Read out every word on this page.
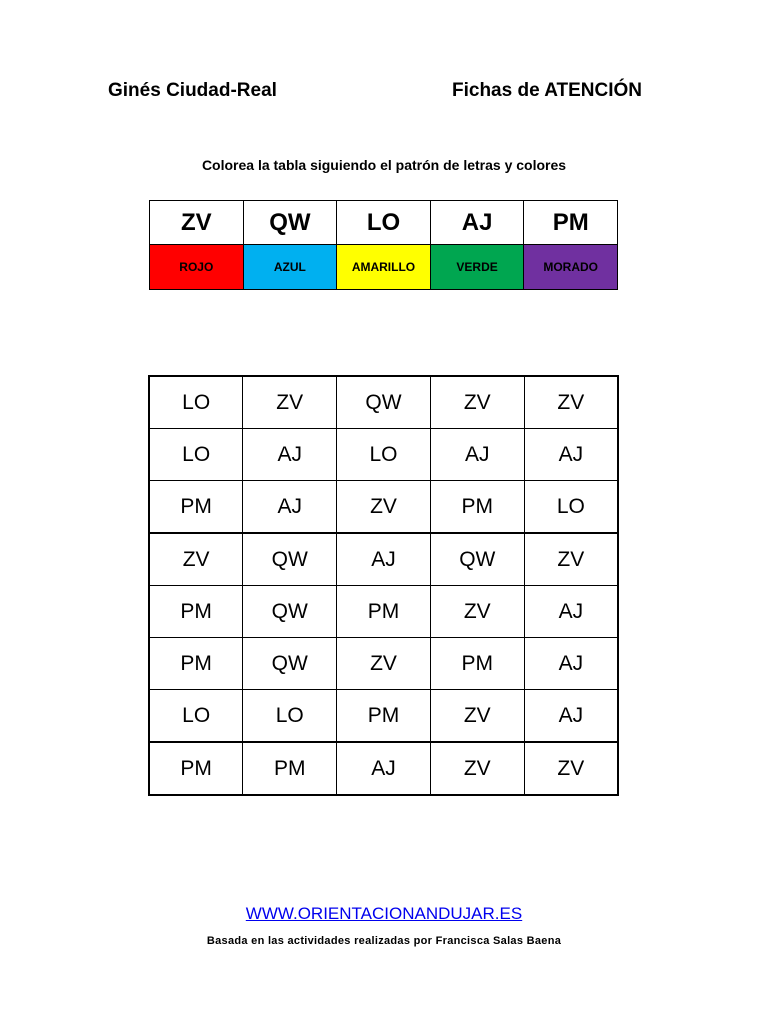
Ginés Ciudad-Real	Fichas de ATENCIÓN
Colorea la tabla siguiendo el patrón de letras y colores
ZV	QW	LO	AJ	PM
ROJO	AZUL	AMARILLO	VERDE	MORADO
LO	ZV	QW	ZV	ZV
LO	AJ	LO	AJ	AJ
PM	AJ	ZV	PM	LO
ZV	QW	AJ	QW	ZV
PM	QW	PM	ZV	AJ
PM	QW	ZV	PM	AJ
LO	LO	PM	ZV	AJ
PM	PM	AJ	ZV	ZV
WWW.ORIENTACIONANDUJAR.ES
Basada en las actividades realizadas por Francisca Salas Baena
